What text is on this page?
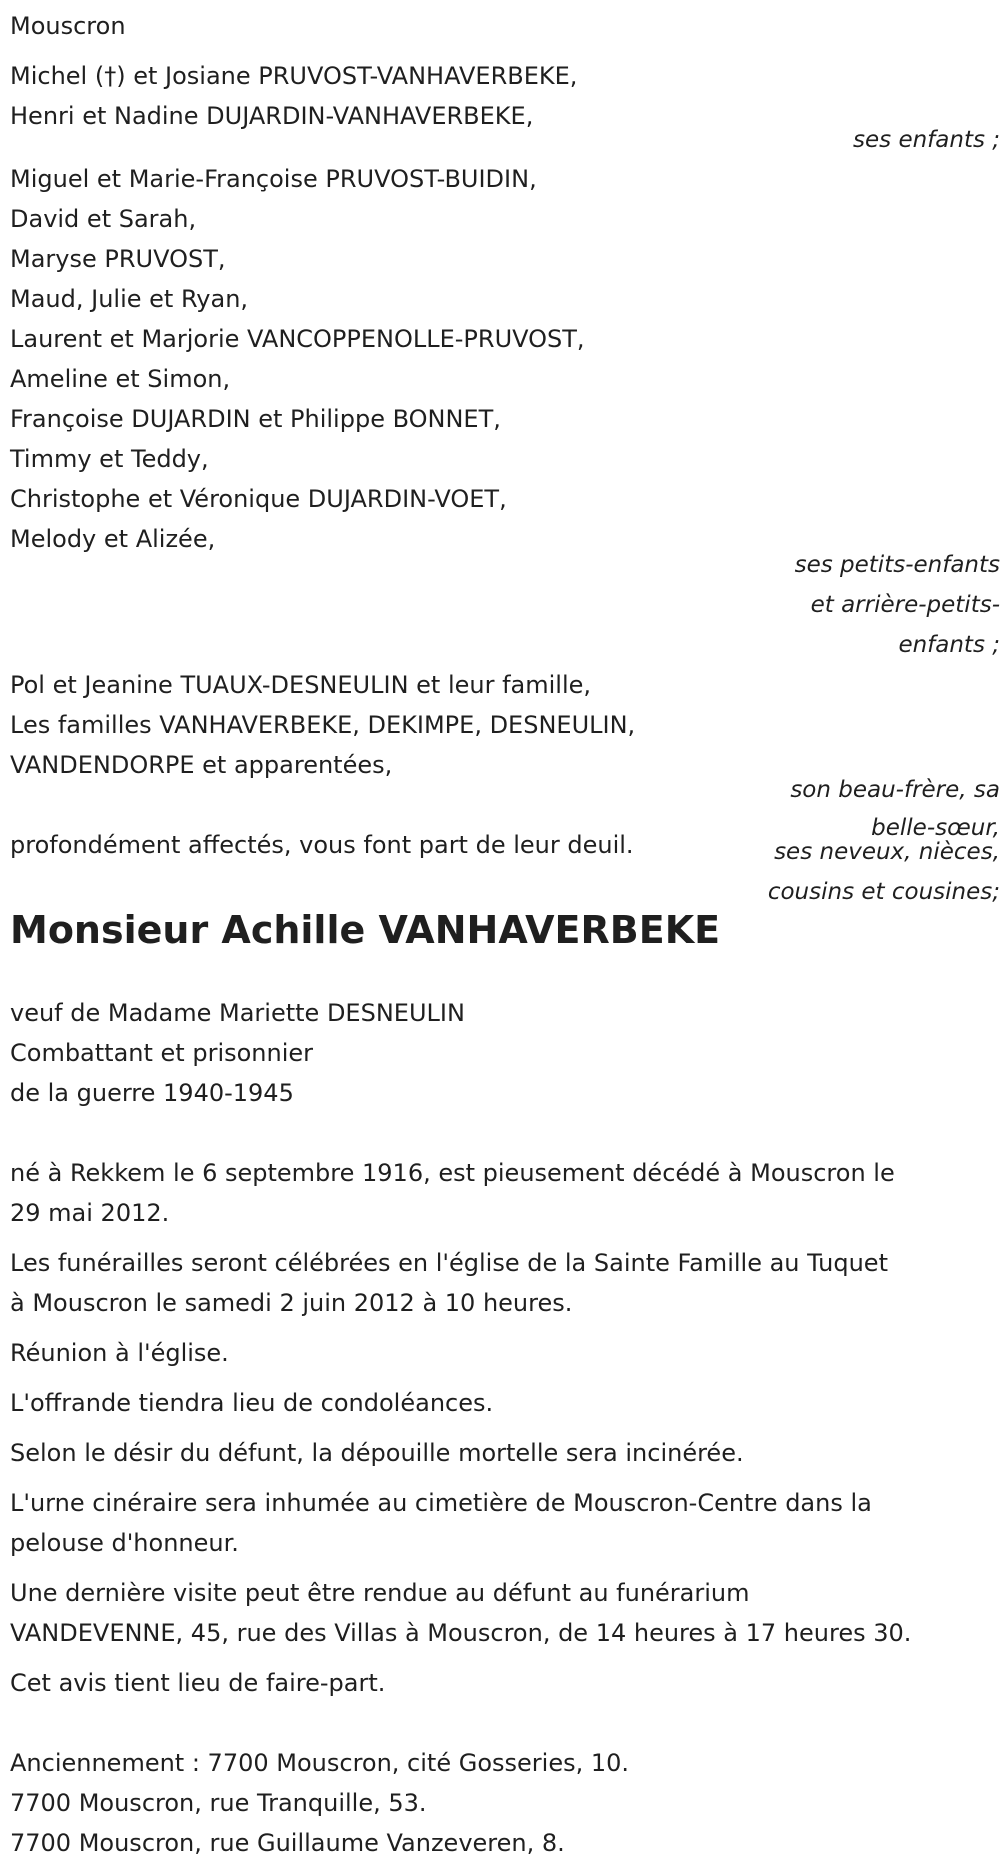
Mouscron
Michel (†) et Josiane PRUVOST-VANHAVERBEKE,
Henri et Nadine DUJARDIN-VANHAVERBEKE,
ses enfants ;
Miguel et Marie-Françoise PRUVOST-BUIDIN,
David et Sarah,
Maryse PRUVOST,
Maud, Julie et Ryan,
Laurent et Marjorie VANCOPPENOLLE-PRUVOST,
Ameline et Simon,
Françoise DUJARDIN et Philippe BONNET,
Timmy et Teddy,
Christophe et Véronique DUJARDIN-VOET,
Melody et Alizée,
ses petits-enfants
et arrière-petits-
enfants ;
Pol et Jeanine TUAUX-DESNEULIN et leur famille,
Les familles VANHAVERBEKE, DEKIMPE, DESNEULIN,
VANDENDORPE et apparentées,
son beau-frère, sa
belle-sœur,
ses neveux, nièces,
cousins et cousines;
profondément affectés, vous font part de leur deuil.
Monsieur Achille VANHAVERBEKE
veuf de Madame Mariette DESNEULIN
Combattant et prisonnier
de la guerre 1940-1945
né à Rekkem le 6 septembre 1916, est pieusement décédé à Mouscron le
29 mai 2012.
Les funérailles seront célébrées en l'église de la Sainte Famille au Tuquet
à Mouscron le samedi 2 juin 2012 à 10 heures.
Réunion à l'église.
L'offrande tiendra lieu de condoléances.
Selon le désir du défunt, la dépouille mortelle sera incinérée.
L'urne cinéraire sera inhumée au cimetière de Mouscron-Centre dans la
pelouse d'honneur.
Une dernière visite peut être rendue au défunt au funérarium
VANDEVENNE, 45, rue des Villas à Mouscron, de 14 heures à 17 heures 30.
Cet avis tient lieu de faire-part.
Anciennement : 7700 Mouscron, cité Gosseries, 10.
7700 Mouscron, rue Tranquille, 53.
7700 Mouscron, rue Guillaume Vanzeveren, 8.
